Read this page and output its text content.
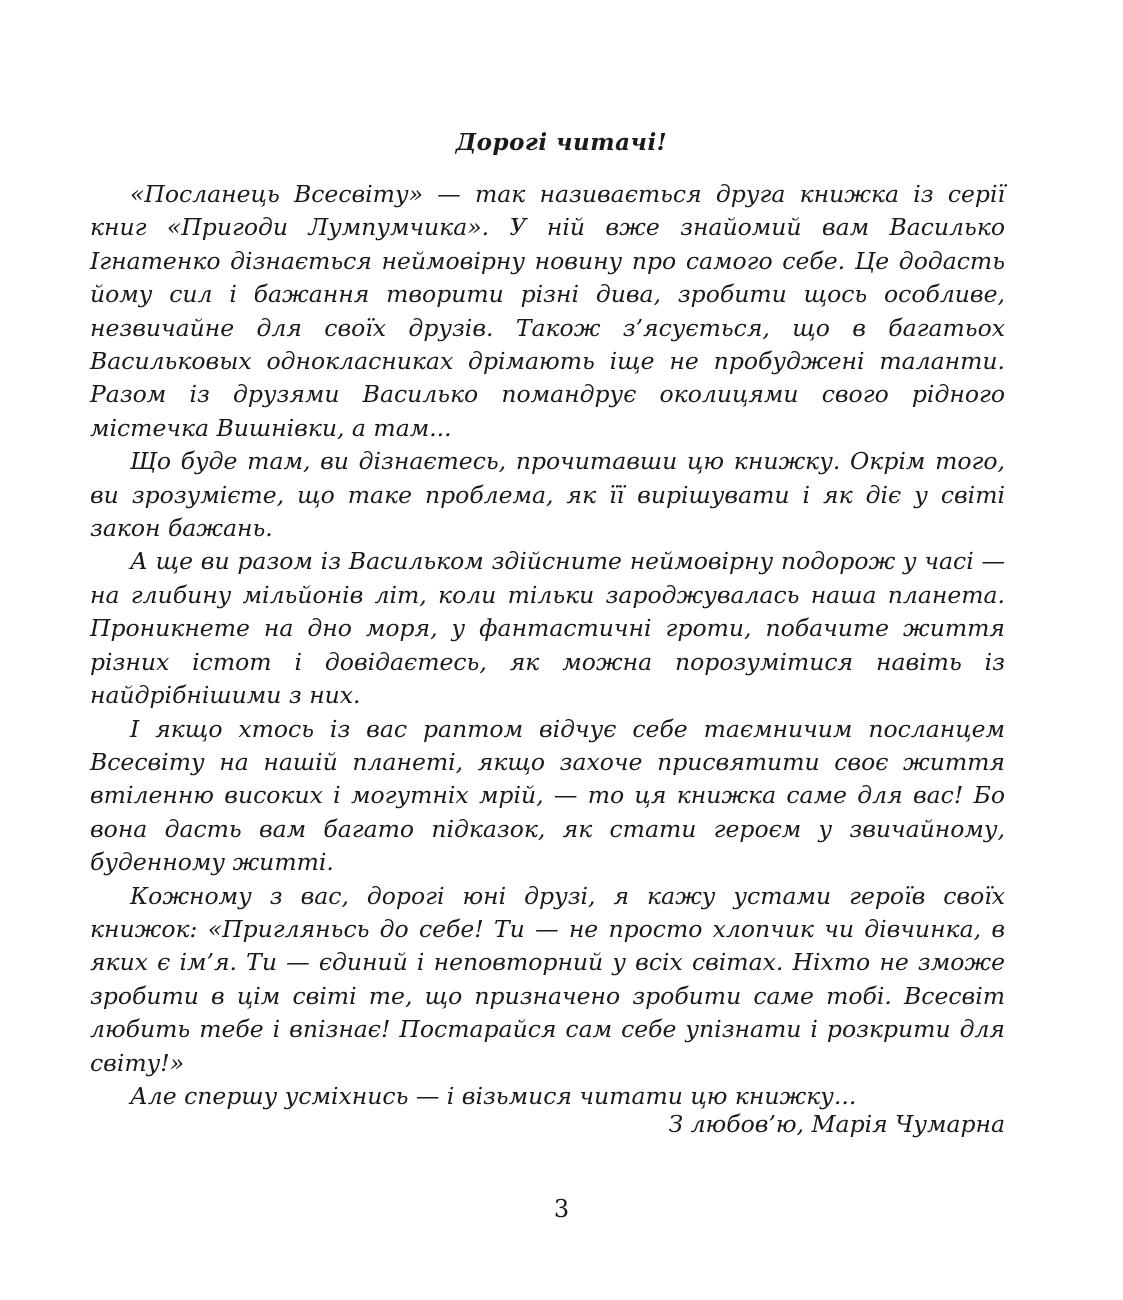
Дорогі читачі!

«Посланець Всесвіту» — так називається друга книжка із серії книг «Пригоди Лумпумчика». У ній вже знайомий вам Василько Ігнатенко дізнається неймовірну новину про самого себе. Це додасть йому сил і бажання творити різні дива, зробити щось особливе, незвичайне для своїх друзів. Також з’ясується, що в багатьох Васильковых однокласниках дрімають іще не пробуджені таланти. Разом із друзями Василько помандрує околицями свого рідного містечка Вишнівки, а там...

Що буде там, ви дізнаєтесь, прочитавши цю книжку. Окрім того, ви зрозумієте, що таке проблема, як її вирішувати і як діє у світі закон бажань.

А ще ви разом із Васильком здійсните неймовірну подорож у часі — на глибину мільйонів літ, коли тільки зароджувалась наша планета. Проникнете на дно моря, у фантастичні гроти, побачите життя різних істот і довідаєтесь, як можна порозумітися навіть із найдрібнішими з них.

І якщо хтось із вас раптом відчує себе таємничим посланцем Всесвіту на нашій планеті, якщо захоче присвятити своє життя втіленню високих і могутніх мрій, — то ця книжка саме для вас! Бо вона дасть вам багато підказок, як стати героєм у звичайному, буденному житті.

Кожному з вас, дорогі юні друзі, я кажу устами героїв своїх книжок: «Пригляньсь до себе! Ти — не просто хлопчик чи дівчинка, в яких є ім’я. Ти — єдиний і неповторний у всіх світах. Ніхто не зможе зробити в цім світі те, що призначено зробити саме тобі. Всесвіт любить тебе і впізнає! Постарайся сам себе упізнати і розкрити для світу!»

Але спершу усміхнись — і візьмися читати цю книжку...

З любов’ю, Марія Чумарна

3
